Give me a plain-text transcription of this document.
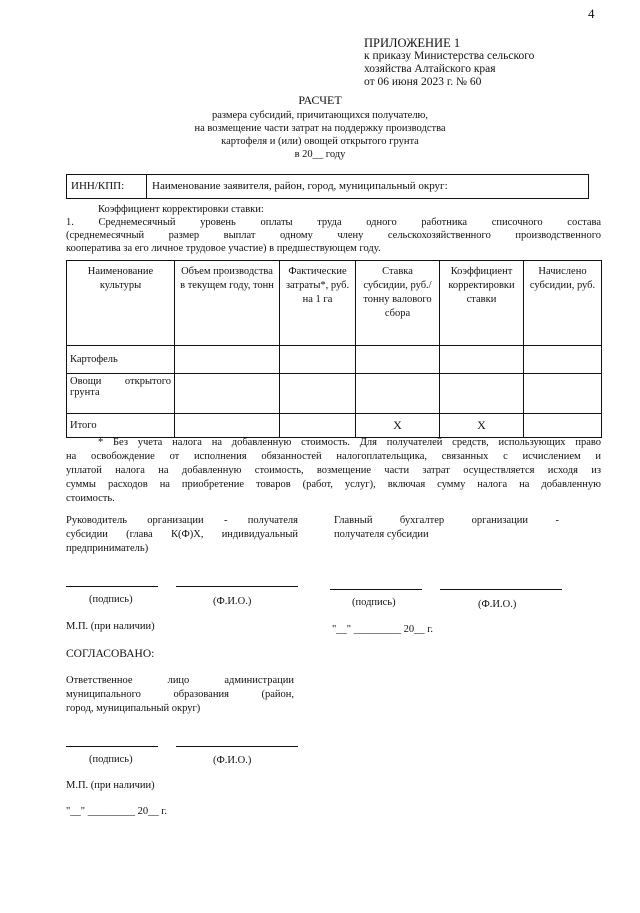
4
ПРИЛОЖЕНИЕ 1
к приказу Министерства сельского
хозяйства Алтайского края
от 06 июня 2023 г. № 60
РАСЧЕТ
размера субсидий, причитающихся получателю,
на возмещение части затрат на поддержку производства
картофеля и (или) овощей открытого грунта
в 20__ году
ИНН/КПП:	Наименование заявителя, район, город, муниципальный округ:
Коэффициент корректировки ставки:
1. Среднемесячный уровень оплаты труда одного работника списочного состава
(среднемесячный размер выплат одному члену сельскохозяйственного производственного
кооператива за его личное трудовое участие) в предшествующем году.
Наименование культуры	Объем производства в текущем году, тонн	Фактические затраты*, руб. на 1 га	Ставка субсидии, руб./тонну валового сбора	Коэффициент корректировки ставки	Начислено субсидии, руб.
Картофель					
Овощи открытого грунта					
Итого			X	X	
* Без учета налога на добавленную стоимость. Для получателей средств, использующих право
на освобождение от исполнения обязанностей налогоплательщика, связанных с исчислением и
уплатой налога на добавленную стоимость, возмещение части затрат осуществляется исходя из
суммы расходов на приобретение товаров (работ, услуг), включая сумму налога на добавленную
стоимость.
Руководитель организации - получателя
субсидии (глава К(Ф)Х, индивидуальный
предприниматель)
Главный бухгалтер организации -
получателя субсидии
(подпись)	(Ф.И.О.)	(подпись)	(Ф.И.О.)
М.П. (при наличии)	"__" _________ 20__ г.
СОГЛАСОВАНО:
Ответственное лицо администрации
муниципального образования (район,
город, муниципальный округ)
(подпись)	(Ф.И.О.)
М.П. (при наличии)
"__" _________ 20__ г.
